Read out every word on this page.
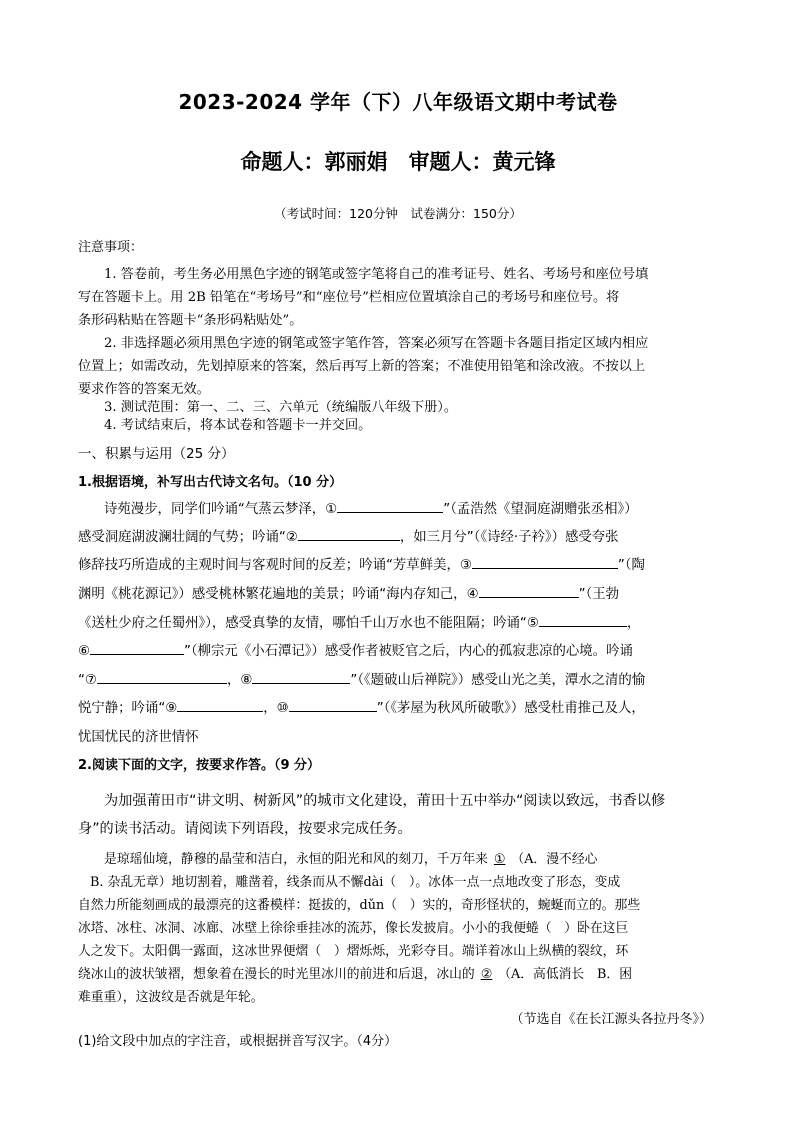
2023-2024 学年（下）八年级语文期中考试卷
命题人：郭丽娟　审题人：黄元锋
（考试时间：120分钟　试卷满分：150分）
注意事项：
1. 答卷前，考生务必用黑色字迹的钢笔或签字笔将自己的准考证号、姓名、考场号和座位号填
写在答题卡上。用 2B 铅笔在“考场号”和“座位号”栏相应位置填涂自己的考场号和座位号。将
条形码粘贴在答题卡“条形码粘贴处”。
2. 非选择题必须用黑色字迹的钢笔或签字笔作答，答案必须写在答题卡各题目指定区域内相应
位置上；如需改动，先划掉原来的答案，然后再写上新的答案；不准使用铅笔和涂改液。不按以上
要求作答的答案无效。
3. 测试范围：第一、二、三、六单元（统编版八年级下册）。
4. 考试结束后，将本试卷和答题卡一并交回。
一、积累与运用（25 分）
1.根据语境，补写出古代诗文名句。（10 分）
诗苑漫步，同学们吟诵“气蒸云梦泽，①	”（孟浩然《望洞庭湖赠张丞相》）
感受洞庭湖波澜壮阔的气势；吟诵“②	，如三月兮”（《诗经·子衿》）感受夸张
修辞技巧所造成的主观时间与客观时间的反差；吟诵“芳草鲜美，③	”（陶
渊明《桃花源记》）感受桃林繁花遍地的美景；吟诵“海内存知己，④	”（王勃
《送杜少府之任蜀州》），感受真挚的友情，哪怕千山万水也不能阻隔；吟诵“⑤	，
⑥	”（柳宗元《小石潭记》）感受作者被贬官之后，内心的孤寂悲凉的心境。吟诵
“⑦	，⑧	”（《题破山后禅院》）感受山光之美，潭水之清的愉
悦宁静；吟诵“⑨	，⑩	”（《茅屋为秋风所破歌》）感受杜甫推己及人，
忧国忧民的济世情怀
2.阅读下面的文字，按要求作答。（9 分）
为加强莆田市“讲文明、树新风”的城市文化建设，莆田十五中举办“阅读以致远，书香以修
身”的读书活动。请阅读下列语段，按要求完成任务。
是琼瑶仙境，静穆的晶莹和洁白，永恒的阳光和风的刻刀，千万年来 ① （A．漫不经心
B. 杂乱无章）地切割着，雕凿着，线条而从不懈dài（　）。冰体一点一点地改变了形态，变成
自然力所能刻画成的最漂亮的这番模样：挺拔的，dǔn（　）实的，奇形怪状的，蜿蜒而立的。那些
冰塔、冰柱、冰洞、冰廊、冰壁上徐徐垂挂冰的流苏，像长发披肩。小小的我便蜷（　）卧在这巨
人之发下。太阳偶一露面，这冰世界便熠（　）熠烁烁，光彩夺目。端详着冰山上纵横的裂纹，环
绕冰山的波状皱褶，想象着在漫长的时光里冰川的前进和后退，冰山的 ② （A．高低消长　B．困
难重重），这波纹是否就是年轮。
（节选自《在长江源头各拉丹冬》）
(1)给文段中加点的字注音，或根据拼音写汉字。（4分）
